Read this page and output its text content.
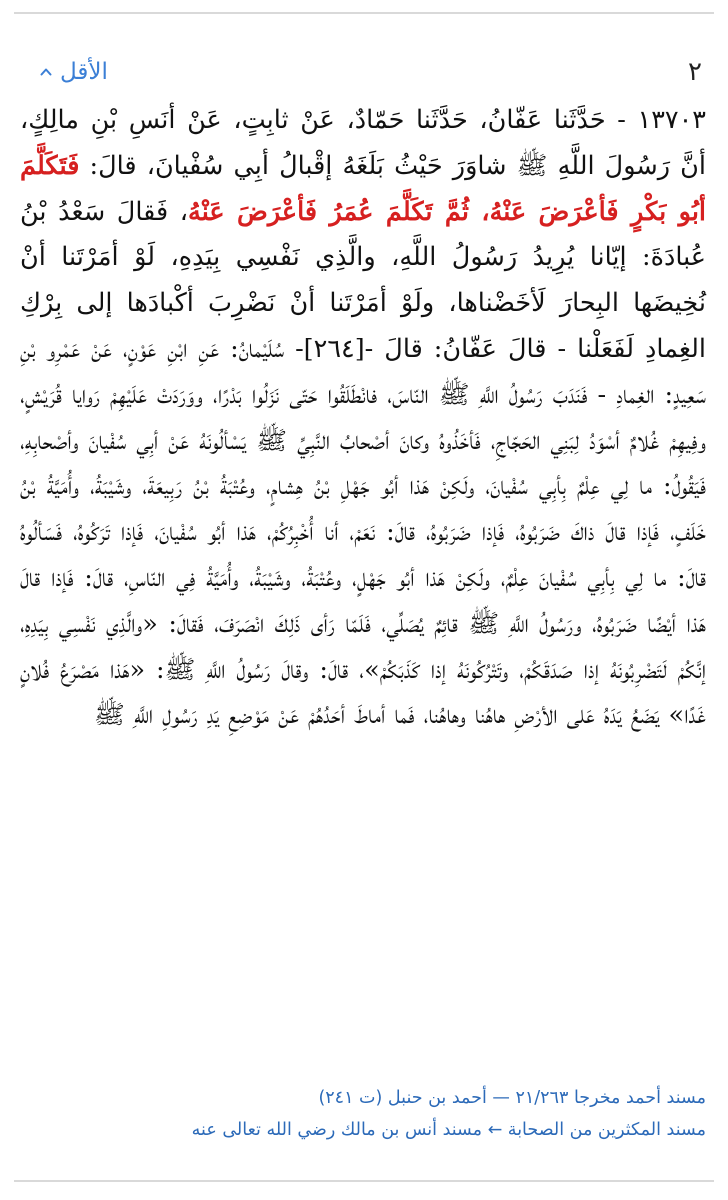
الأقل	٢
١٣٧٠٣ - حَدَّثَنا عَفّانُ، حَدَّثَنا حَمّادٌ، عَنْ ثابِتٍ، عَنْ أنَسِ بْنِ مالِكٍ، أنَّ رَسُولَ اللَّهِ ﷺ شاوَرَ حَيْثُ بَلَغَهُ إقْبالُ أبِي سُفْيانَ، قالَ: فَتَكَلَّمَ أبُو بَكْرٍ فَأعْرَضَ عَنْهُ، ثُمَّ تَكَلَّمَ عُمَرُ فَأعْرَضَ عَنْهُ، فَقالَ سَعْدُ بْنُ عُبادَةَ: إيّانا يُرِيدُ رَسُولُ اللَّهِ، والَّذِي نَفْسِي بِيَدِهِ، لَوْ أمَرْتَنا أنْ نُخِيضَها البِحارَ لَأخَضْناها، ولَوْ أمَرْتَنا أنْ نَضْرِبَ أكْبادَها إلى بِرْكِ الغِمادِ لَفَعَلْنا - قالَ عَفّانُ: قالَ -[٢٦٤]- سُلَيْمانُ: عَنِ ابْنِ عَوْنٍ، عَنْ عَمْرِو بْنِ سَعِيدٍ: الغِمادِ - فَنَدَبَ رَسُولُ اللَّهِ ﷺ النّاسَ، فانْطَلَقُوا حَتّى نَزَلُوا بَدْرًا، ووَرَدَتْ عَلَيْهِمْ رَوايا قُرَيْشٍ، وفِيهِمْ غُلامٌ أسْوَدُ لِبَنِي الحَجّاجِ، فَأخَذُوهُ وكانَ أصْحابُ النَّبِيِّ ﷺ يَسْألُونَهُ عَنْ أبِي سُفْيانَ وأصْحابِهِ، فَيَقُولُ: ما لِي عِلْمٌ بِأبِي سُفْيانَ، ولَكِنْ هَذا أبُو جَهْلِ بْنُ هِشامٍ، وعُتْبَةُ بْنُ رَبِيعَةَ، وشَيْبَةُ، وأُمَيَّةُ بْنُ خَلَفٍ، فَإذا قالَ ذاكَ ضَرَبُوهُ، فَإذا ضَرَبُوهُ، قالَ: نَعَمْ، أنا أُخْبِرُكُمْ، هَذا أبُو سُفْيانَ، فَإذا تَرَكُوهُ، فَسَألُوهُ قالَ: ما لِي بِأبِي سُفْيانَ عِلْمٌ، ولَكِنْ هَذا أبُو جَهْلٍ، وعُتْبَةُ، وشَيْبَةُ، وأُمَيَّةُ فِي النّاسِ، قالَ: فَإذا قالَ هَذا أيْضًا ضَرَبُوهُ، ورَسُولُ اللَّهِ ﷺ قائِمٌ يُصَلِّي، فَلَمّا رَأى ذَلِكَ انْصَرَفَ، فَقالَ: «والَّذِي نَفْسِي بِيَدِهِ، إنَّكُمْ لَتَضْرِبُونَهُ إذا صَدَقَكُمْ، وتَتْرُكُونَهُ إذا كَذَبَكُمْ»، قالَ: وقالَ رَسُولُ اللَّهِ ﷺ: «هَذا مَصْرَعُ فُلانٍ غَدًا» يَضَعُ يَدَهُ عَلى الأرْضِ هاهُنا وهاهُنا، فَما أماطَ أحَدُهُمْ عَنْ مَوْضِعِ يَدِ رَسُولِ اللَّهِ ﷺ
مسند أحمد مخرجا ٢١/٢٦٣ — أحمد بن حنبل (ت ٢٤١)
مسند المكثرين من الصحابة ← مسند أنس بن مالك رضي الله تعالى عنه
